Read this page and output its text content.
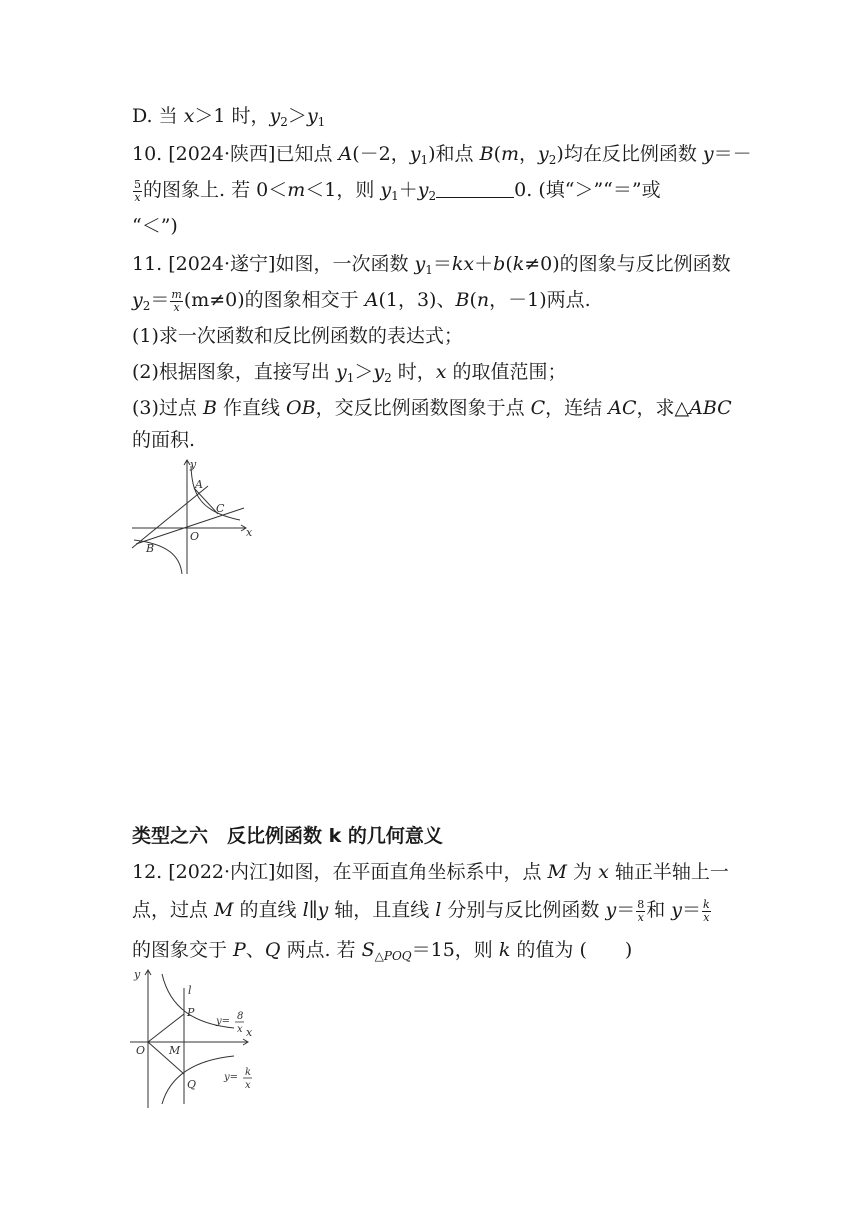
D. 当 x＞1 时，$y_2>y_1$
10. [2024·陕西]已知点 A(－2，$y_1$)和点 B(m，$y_2$)均在反比例函数 y＝－
$\frac{5}{x}$ 的图象上. 若 0＜m＜1，则 $y_1+y_2$	0. (填“＞”“＝”或
“＜”)
11. [2024·遂宁]如图，一次函数 $y_1=kx+b(k\ne 0)$的图象与反比例函数
$y_2= \frac{m}{x} (m\ne 0)$的图象相交于 A(1，3)、B(n，－1)两点.
(1)求一次函数和反比例函数的表达式；
(2)根据图象，直接写出 $y_1>y_2$ 时，x 的取值范围；
(3)过点 B 作直线 OB，交反比例函数图象于点 C，连结 AC，求△ABC
的面积.
y
x
A
C
O
B
类型之六　反比例函数 k 的几何意义
12. [2022·内江]如图，在平面直角坐标系中，点 M 为 x 轴正半轴上一
点，过点 M 的直线 l∥y 轴，且直线 l 分别与反比例函数 $y= \frac{8}{x}$ 和 $y= \frac{k}{x}$
的图象交于 P、Q 两点. 若 $S_{\triangle POQ}=15$，则 k 的值为 (　　)
y
l
P
O M
x
Q
y= 8
x
y= k
x
